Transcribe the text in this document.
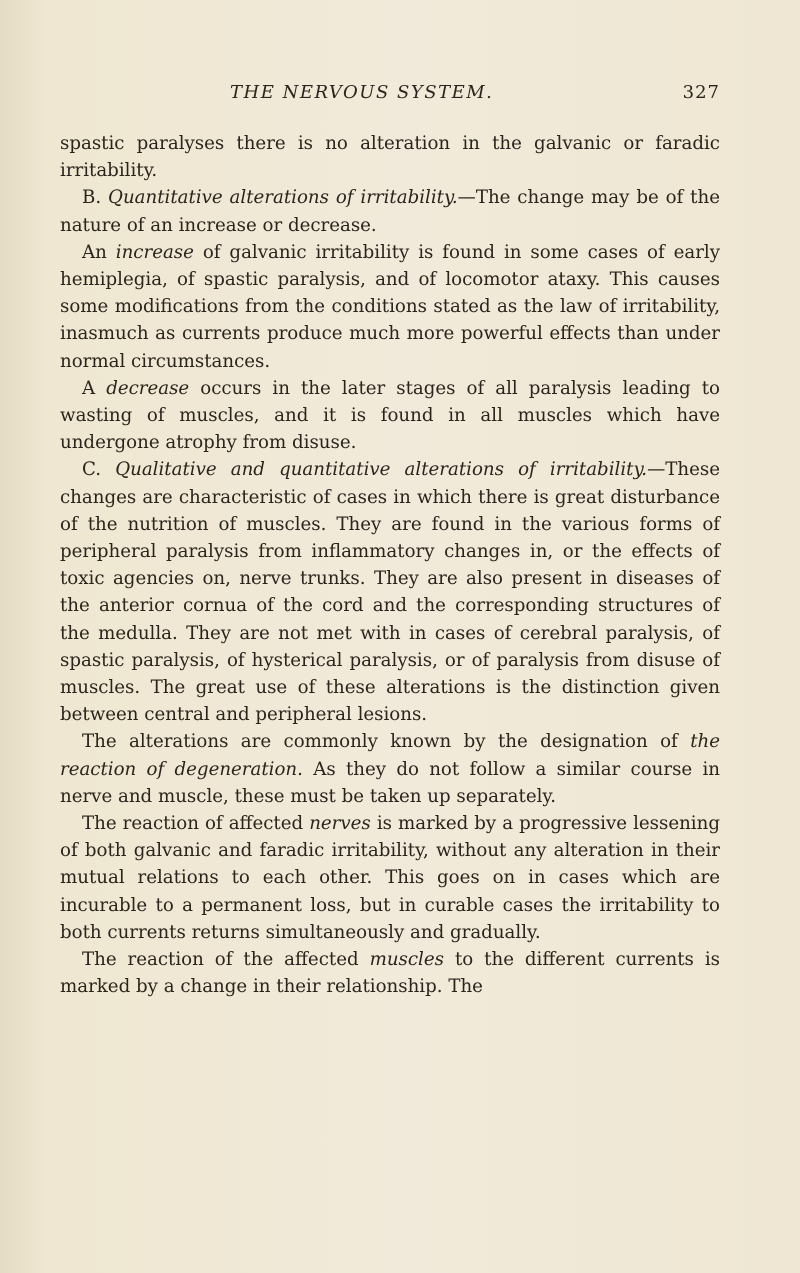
THE NERVOUS SYSTEM.	327

spastic paralyses there is no alteration in the galvanic or faradic irritability.

B. Quantitative alterations of irritability.—The change may be of the nature of an increase or decrease.

An increase of galvanic irritability is found in some cases of early hemiplegia, of spastic paralysis, and of locomotor ataxy. This causes some modifications from the conditions stated as the law of irritability, inasmuch as currents produce much more powerful effects than under normal circumstances.

A decrease occurs in the later stages of all paralysis leading to wasting of muscles, and it is found in all muscles which have undergone atrophy from disuse.

C. Qualitative and quantitative alterations of irritability.—These changes are characteristic of cases in which there is great disturbance of the nutrition of muscles. They are found in the various forms of peripheral paralysis from inflammatory changes in, or the effects of toxic agencies on, nerve trunks. They are also present in diseases of the anterior cornua of the cord and the corresponding structures of the medulla. They are not met with in cases of cerebral paralysis, of spastic paralysis, of hysterical paralysis, or of paralysis from disuse of muscles. The great use of these alterations is the distinction given between central and peripheral lesions.

The alterations are commonly known by the designation of the reaction of degeneration. As they do not follow a similar course in nerve and muscle, these must be taken up separately.

The reaction of affected nerves is marked by a progressive lessening of both galvanic and faradic irritability, without any alteration in their mutual relations to each other. This goes on in cases which are incurable to a permanent loss, but in curable cases the irritability to both currents returns simultaneously and gradually.

The reaction of the affected muscles to the different currents is marked by a change in their relationship. The
